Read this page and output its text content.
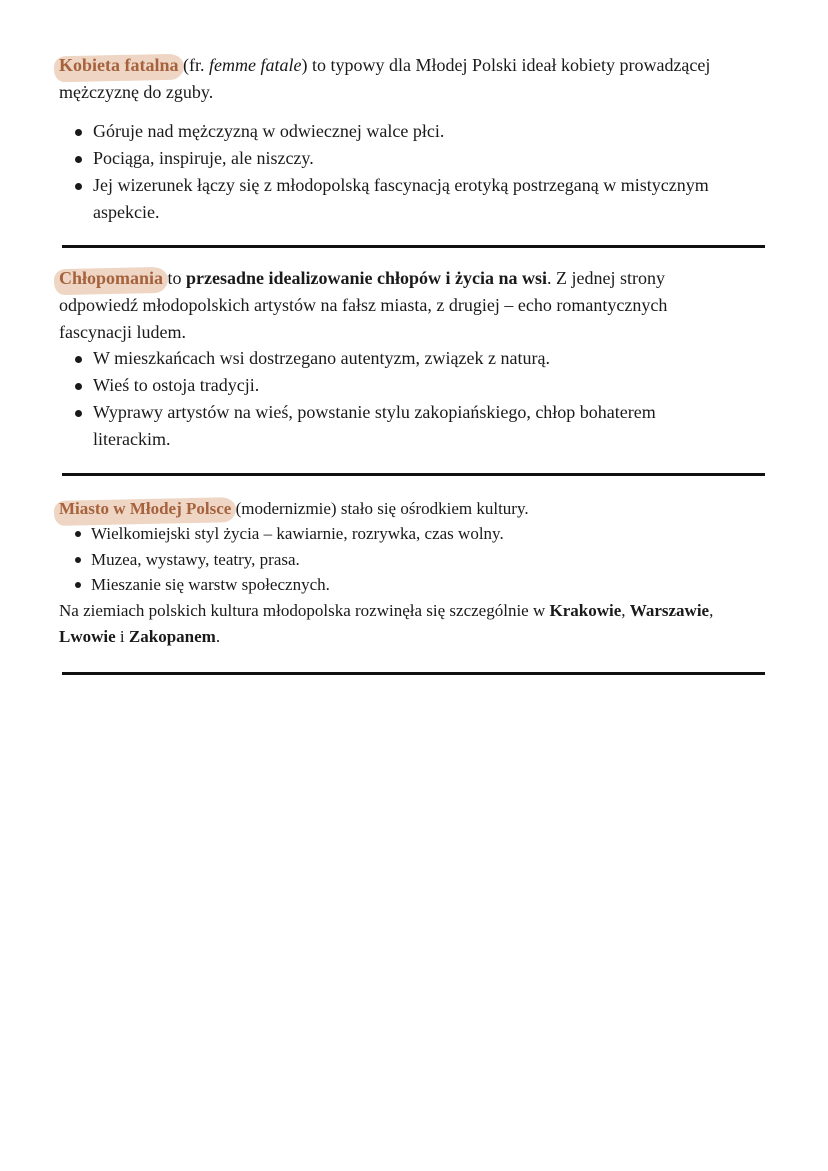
Kobieta fatalna (fr. femme fatale) to typowy dla Młodej Polski ideał kobiety prowadzącej
mężczyznę do zguby.
Góruje nad mężczyzną w odwiecznej walce płci.
Pociąga, inspiruje, ale niszczy.
Jej wizerunek łączy się z młodopolską fascynacją erotyką postrzeganą w mistycznym
aspekcie.
Chłopomania to przesadne idealizowanie chłopów i życia na wsi. Z jednej strony
odpowiedź młodopolskich artystów na fałsz miasta, z drugiej – echo romantycznych
fascynacji ludem.
W mieszkańcach wsi dostrzegano autentyzm, związek z naturą.
Wieś to ostoja tradycji.
Wyprawy artystów na wieś, powstanie stylu zakopiańskiego, chłop bohaterem
literackim.
Miasto w Młodej Polsce (modernizmie) stało się ośrodkiem kultury.
Wielkomiejski styl życia – kawiarnie, rozrywka, czas wolny.
Muzea, wystawy, teatry, prasa.
Mieszanie się warstw społecznych.
Na ziemiach polskich kultura młodopolska rozwinęła się szczególnie w Krakowie, Warszawie,
Lwowie i Zakopanem.
